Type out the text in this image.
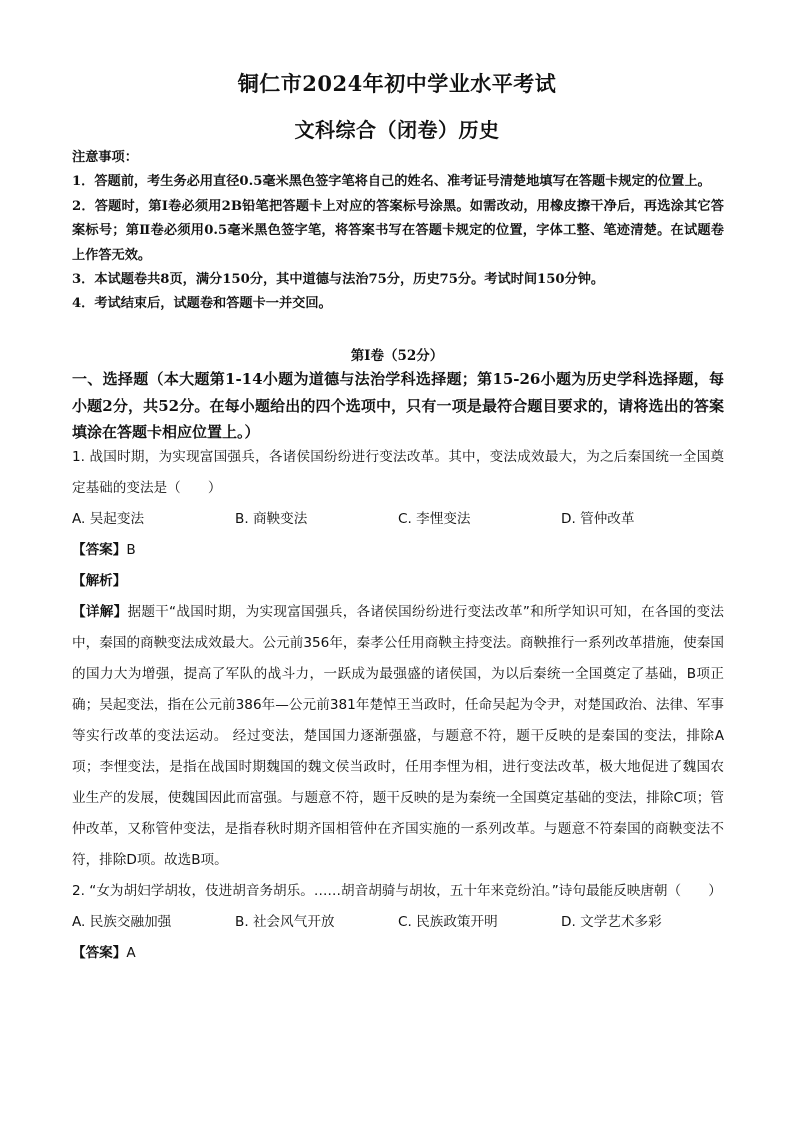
铜仁市2024年初中学业水平考试
文科综合（闭卷）历史

注意事项：

1．答题前，考生务必用直径0.5毫米黑色签字笔将自己的姓名、准考证号清楚地填写在答题卡规定的位置上。

2．答题时，第Ⅰ卷必须用2B铅笔把答题卡上对应的答案标号涂黑。如需改动，用橡皮擦干净后，再选涂其它答案标号；第Ⅱ卷必须用0.5毫米黑色签字笔，将答案书写在答题卡规定的位置，字体工整、笔迹清楚。在试题卷上作答无效。

3．本试题卷共8页，满分150分，其中道德与法治75分，历史75分。考试时间150分钟。

4．考试结束后，试题卷和答题卡一并交回。

第Ⅰ卷（52分）
一、选择题（本大题第1-14小题为道德与法治学科选择题；第15-26小题为历史学科选择题，每小题2分，共52分。在每小题给出的四个选项中，只有一项是最符合题目要求的，请将选出的答案填涂在答题卡相应位置上。）

1. 战国时期，为实现富国强兵，各诸侯国纷纷进行变法改革。其中，变法成效最大，为之后秦国统一全国奠定基础的变法是（　　）

A. 吴起变法	B. 商鞅变法	C. 李悝变法	D. 管仲改革

【答案】B

【解析】

【详解】据题干“战国时期，为实现富国强兵，各诸侯国纷纷进行变法改革”和所学知识可知，在各国的变法中，秦国的商鞅变法成效最大。公元前356年，秦孝公任用商鞅主持变法。商鞅推行一系列改革措施，使秦国的国力大为增强，提高了军队的战斗力，一跃成为最强盛的诸侯国，为以后秦统一全国奠定了基础，B项正确；吴起变法，指在公元前386年—公元前381年楚悼王当政时，任命吴起为令尹，对楚国政治、法律、军事等实行改革的变法运动。 经过变法，楚国国力逐渐强盛，与题意不符，题干反映的是秦国的变法，排除A项；李悝变法，是指在战国时期魏国的魏文侯当政时，任用李悝为相，进行变法改革，极大地促进了魏国农业生产的发展，使魏国因此而富强。与题意不符，题干反映的是为秦统一全国奠定基础的变法，排除C项；管仲改革，又称管仲变法，是指春秋时期齐国相管仲在齐国实施的一系列改革。与题意不符秦国的商鞅变法不符，排除D项。故选B项。

2. “女为胡妇学胡妆，伎进胡音务胡乐。……胡音胡骑与胡妆，五十年来竞纷泊。”诗句最能反映唐朝（　　）

A. 民族交融加强	B. 社会风气开放	C. 民族政策开明	D. 文学艺术多彩

【答案】A
